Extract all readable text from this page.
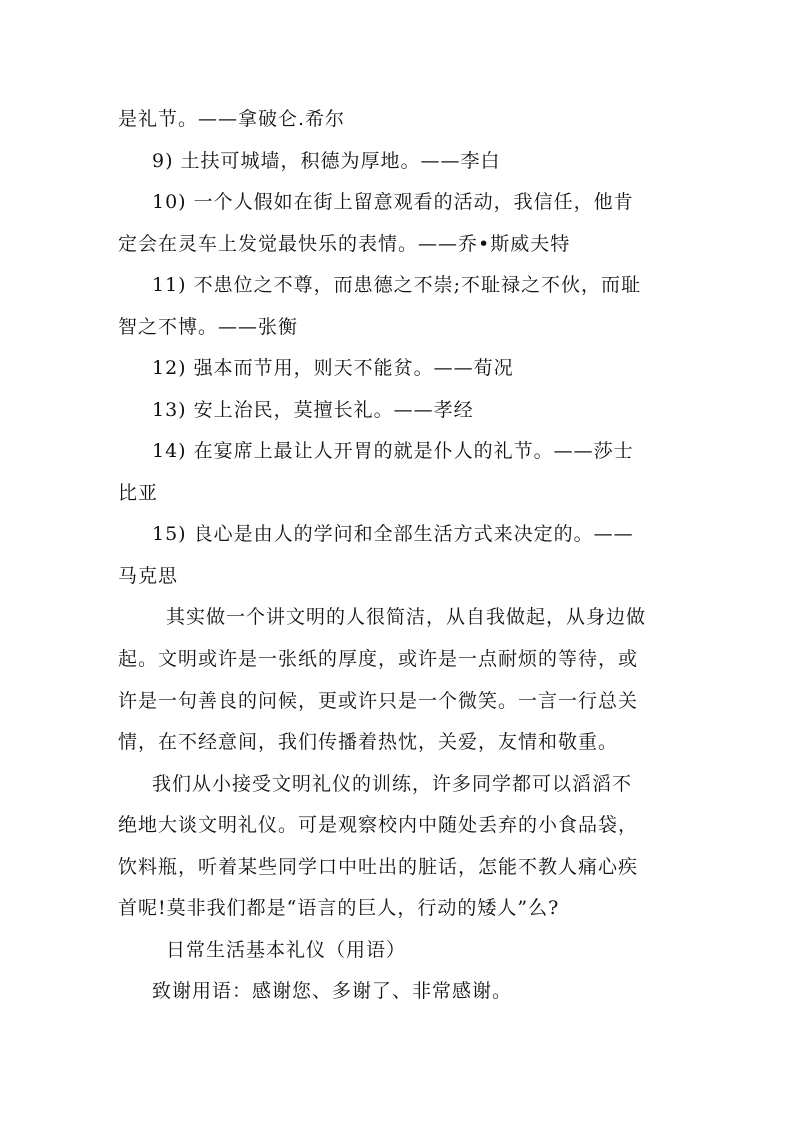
是礼节。——拿破仑.希尔
9) 土扶可城墙，积德为厚地。——李白
10) 一个人假如在街上留意观看的活动，我信任，他肯
定会在灵车上发觉最快乐的表情。——乔•斯威夫特
11) 不患位之不尊，而患德之不崇;不耻禄之不伙，而耻
智之不博。——张衡
12) 强本而节用，则天不能贫。——荀况
13) 安上治民，莫擅长礼。——孝经
14) 在宴席上最让人开胃的就是仆人的礼节。——莎士
比亚
15) 良心是由人的学问和全部生活方式来决定的。——
马克思
其实做一个讲文明的人很简洁，从自我做起，从身边做
起。文明或许是一张纸的厚度，或许是一点耐烦的等待，或
许是一句善良的问候，更或许只是一个微笑。一言一行总关
情，在不经意间，我们传播着热忱，关爱，友情和敬重。
我们从小接受文明礼仪的训练，许多同学都可以滔滔不
绝地大谈文明礼仪。可是观察校内中随处丢弃的小食品袋，
饮料瓶，听着某些同学口中吐出的脏话，怎能不教人痛心疾
首呢!莫非我们都是“语言的巨人，行动的矮人”么?
日常生活基本礼仪（用语）
致谢用语：感谢您、多谢了、非常感谢。
